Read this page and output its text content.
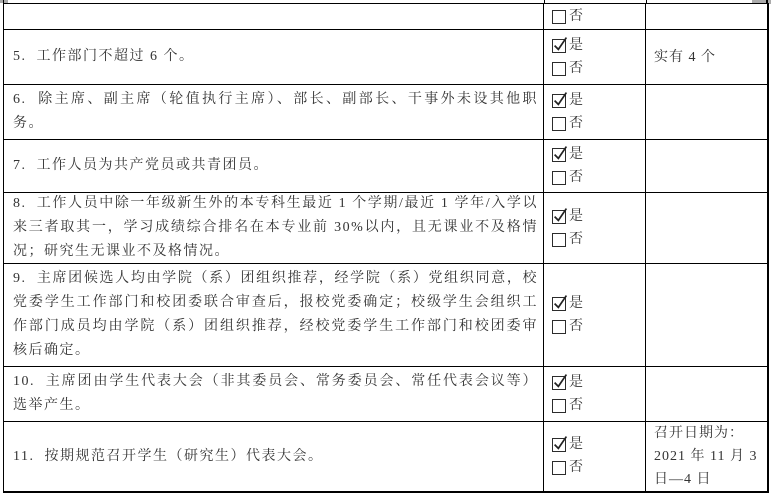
否
5.  工作部门不超过 6 个。
是
否
实有 4 个
6.  除主席、副主席（轮值执行主席）、部长、副部长、干事外未设其他职务。
是
否
7.  工作人员为共产党员或共青团员。
是
否
8.  工作人员中除一年级新生外的本专科生最近 1 个学期/最近 1 学年/入学以来三者取其一，学习成绩综合排名在本专业前 30%以内，且无课业不及格情况；研究生无课业不及格情况。
是
否
9.  主席团候选人均由学院（系）团组织推荐，经学院（系）党组织同意，校党委学生工作部门和校团委联合审查后，报校党委确定；校级学生会组织工作部门成员均由学院（系）团组织推荐，经校党委学生工作部门和校团委审核后确定。
是
否
10.  主席团由学生代表大会（非其委员会、常务委员会、常任代表会议等）选举产生。
是
否
11.  按期规范召开学生（研究生）代表大会。
是
否
召开日期为：2021 年 11 月 3 日—4 日
